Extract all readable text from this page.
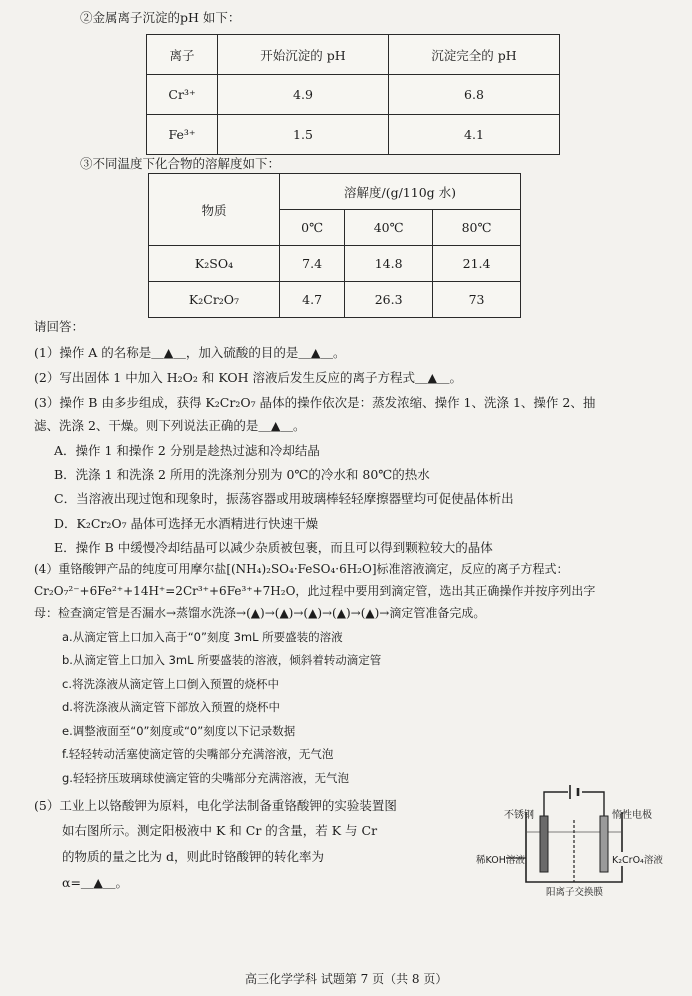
②金属离子沉淀的pH 如下：
离子	开始沉淀的 pH	沉淀完全的 pH
Cr³⁺	4.9	6.8
Fe³⁺	1.5	4.1
③不同温度下化合物的溶解度如下：
物质	溶解度/(g/110g 水)		
	0℃	40℃	80℃
K₂SO₄	7.4	14.8	21.4
K₂Cr₂O₇	4.7	26.3	73
请回答：
(1）操作 A 的名称是＿▲＿，加入硫酸的目的是＿▲＿。
(2）写出固体 1 中加入 H₂O₂ 和 KOH 溶液后发生反应的离子方程式＿▲＿。
(3）操作 B 由多步组成，获得 K₂Cr₂O₇ 晶体的操作依次是：蒸发浓缩、操作 1、洗涤 1、操作 2、抽
滤、洗涤 2、干燥。则下列说法正确的是＿▲＿。
A．操作 1 和操作 2 分别是趁热过滤和冷却结晶
B．洗涤 1 和洗涤 2 所用的洗涤剂分别为 0℃的冷水和 80℃的热水
C．当溶液出现过饱和现象时，振荡容器或用玻璃棒轻轻摩擦器壁均可促使晶体析出
D．K₂Cr₂O₇ 晶体可选择无水酒精进行快速干燥
E．操作 B 中缓慢冷却结晶可以减少杂质被包裹，而且可以得到颗粒较大的晶体
(4）重铬酸钾产品的纯度可用摩尔盐[(NH₄)₂SO₄·FeSO₄·6H₂O]标准溶液滴定，反应的离子方程式：
Cr₂O₇²⁻+6Fe²⁺+14H⁺=2Cr³⁺+6Fe³⁺+7H₂O，此过程中要用到滴定管，选出其正确操作并按序列出字
母：检查滴定管是否漏水→蒸馏水洗涤→(▲)→(▲)→(▲)→(▲)→(▲)→滴定管准备完成。
a.从滴定管上口加入高于“0”刻度 3mL 所要盛装的溶液
b.从滴定管上口加入 3mL 所要盛装的溶液，倾斜着转动滴定管
c.将洗涤液从滴定管上口倒入预置的烧杯中
d.将洗涤液从滴定管下部放入预置的烧杯中
e.调整液面至“0”刻度或“0”刻度以下记录数据
f.轻轻转动活塞使滴定管的尖嘴部分充满溶液，无气泡
g.轻轻挤压玻璃球使滴定管的尖嘴部分充满溶液，无气泡
(5）工业上以铬酸钾为原料，电化学法制备重铬酸钾的实验装置图
如右图所示。测定阳极液中 K 和 Cr 的含量，若 K 与 Cr
的物质的量之比为 d，则此时铬酸钾的转化率为
α=＿▲＿。
不锈钢	惰性电极
稀KOH溶液	K₂CrO₄溶液
阳离子交换膜
高三化学学科 试题第 7 页（共 8 页）
